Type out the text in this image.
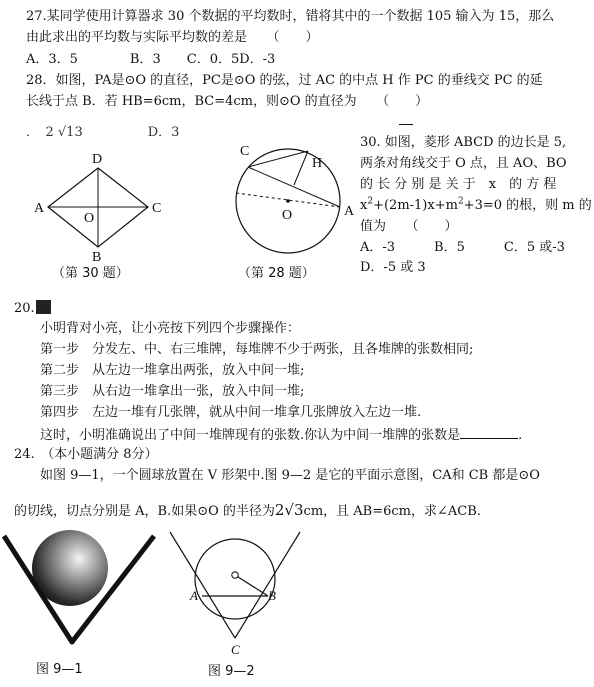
27.某同学使用计算器求 30 个数据的平均数时，错将其中的一个数据 105 输入为 15，那么
由此求出的平均数与实际平均数的差是　　（　　）
A．3．5　　　　B．3　　C．0．5D．-3
28．如图，PA是⊙O 的直径，PC是⊙O 的弦，过 AC 的中点 H 作 PC 的垂线交 PC 的延
长线于点 B．若 HB=6cm，BC=4cm，则⊙O 的直径为　　（　　）
．　2 √13　　　　　D．3
D
A	C
O
B
（第 30 题）
C
H
O	A
（第 28 题）
30. 如图，菱形 ABCD 的边长是 5,
两条对角线交于 O 点，且 AO、BO
的 长 分 别 是 关 于　x　的 方 程
$x^2+(2m-1)x+m^2+3=0$ 的根，则 m 的
值为　　（　　）
A．-3　　　B．5　　　C．5 或-3
D．-5 或 3
20.
小明背对小亮，让小亮按下列四个步骤操作：
第一步　分发左、中、右三堆牌，每堆牌不少于两张，且各堆牌的张数相同;
第二步　从左边一堆拿出两张，放入中间一堆;
第三步　从右边一堆拿出一张，放入中间一堆;
第四步　左边一堆有几张牌，就从中间一堆拿几张牌放入左边一堆.
这时，小明准确说出了中间一堆牌现有的张数.你认为中间一堆牌的张数是	.
24.　（本小题满分 8分）
如图 9—1，一个圆球放置在 V 形架中.图 9—2 是它的平面示意图，CA和 CB 都是⊙O
的切线，切点分别是 A，B.如果⊙O 的半径为2√3cm，且 AB=6cm，求∠ACB.
图 9—1
A	B
C
图 9—2
